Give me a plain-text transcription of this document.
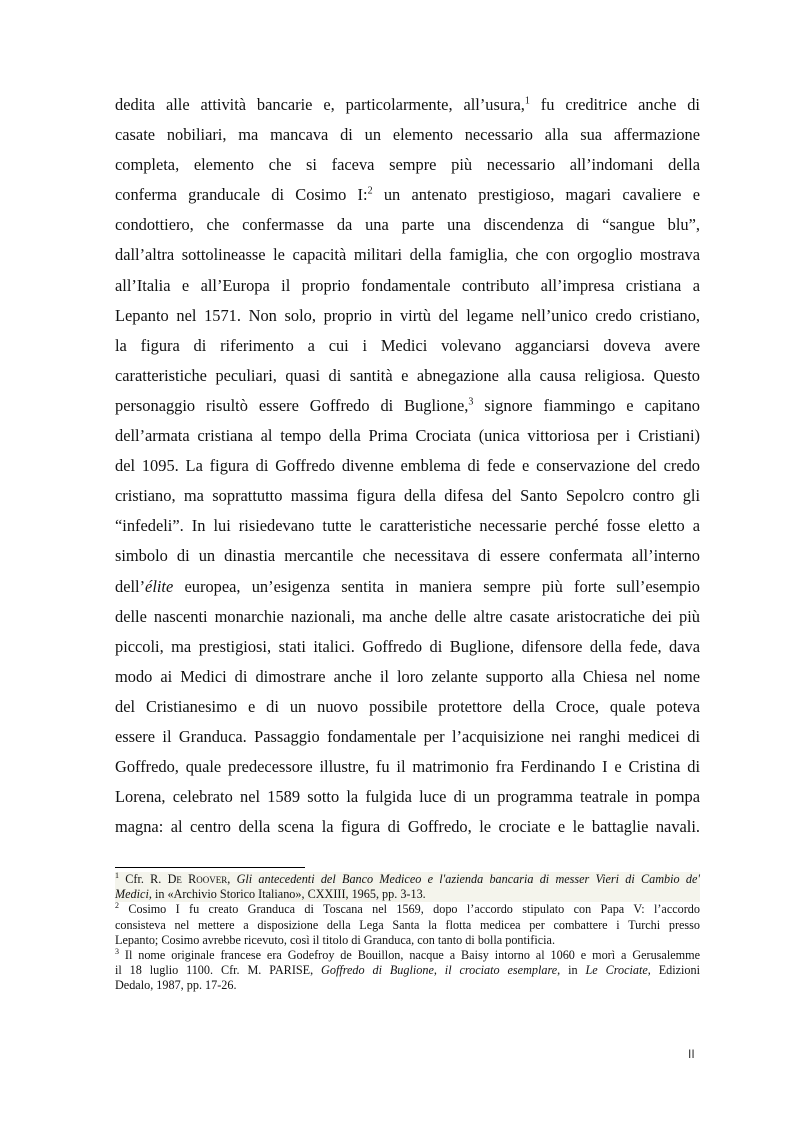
dedita alle attività bancarie e, particolarmente, all’usura,$^1$ fu creditrice anche di
casate nobiliari, ma mancava di un elemento necessario alla sua affermazione
completa, elemento che si faceva sempre più necessario all’indomani della
conferma granducale di Cosimo I:$^2$ un antenato prestigioso, magari cavaliere e
condottiero, che confermasse da una parte una discendenza di “sangue blu”,
dall’altra sottolineasse le capacità militari della famiglia, che con orgoglio mostrava
all’Italia e all’Europa il proprio fondamentale contributo all’impresa cristiana a
Lepanto nel 1571. Non solo, proprio in virtù del legame nell’unico credo cristiano,
la figura di riferimento a cui i Medici volevano agganciarsi doveva avere
caratteristiche peculiari, quasi di santità e abnegazione alla causa religiosa. Questo
personaggio risultò essere Goffredo di Buglione,$^3$ signore fiammingo e capitano
dell’armata cristiana al tempo della Prima Crociata (unica vittoriosa per i Cristiani)
del 1095. La figura di Goffredo divenne emblema di fede e conservazione del credo
cristiano, ma soprattutto massima figura della difesa del Santo Sepolcro contro gli
“infedeli”. In lui risiedevano tutte le caratteristiche necessarie perché fosse eletto a
simbolo di un dinastia mercantile che necessitava di essere confermata all’interno
dell’élite europea, un’esigenza sentita in maniera sempre più forte sull’esempio
delle nascenti monarchie nazionali, ma anche delle altre casate aristocratiche dei più
piccoli, ma prestigiosi, stati italici. Goffredo di Buglione, difensore della fede, dava
modo ai Medici di dimostrare anche il loro zelante supporto alla Chiesa nel nome
del Cristianesimo e di un nuovo possibile protettore della Croce, quale poteva
essere il Granduca. Passaggio fondamentale per l’acquisizione nei ranghi medicei di
Goffredo, quale predecessore illustre, fu il matrimonio fra Ferdinando I e Cristina di
Lorena, celebrato nel 1589 sotto la fulgida luce di un programma teatrale in pompa
magna: al centro della scena la figura di Goffredo, le crociate e le battaglie navali.
$^1$ Cfr. R. De Roover, Gli antecedenti del Banco Mediceo e l'azienda bancaria di messer Vieri di Cambio de'
Medici, in «Archivio Storico Italiano», CXXIII, 1965, pp. 3-13.
$^2$ Cosimo I fu creato Granduca di Toscana nel 1569, dopo l’accordo stipulato con Papa V: l’accordo
consisteva nel mettere a disposizione della Lega Santa la flotta medicea per combattere i Turchi presso
Lepanto; Cosimo avrebbe ricevuto, così il titolo di Granduca, con tanto di bolla pontificia.
$^3$ Il nome originale francese era Godefroy de Bouillon, nacque a Baisy intorno al 1060 e morì a Gerusalemme
il 18 luglio 1100. Cfr. M. PARISE, Goffredo di Buglione, il crociato esemplare, in Le Crociate, Edizioni
Dedalo, 1987, pp. 17-26.
II
